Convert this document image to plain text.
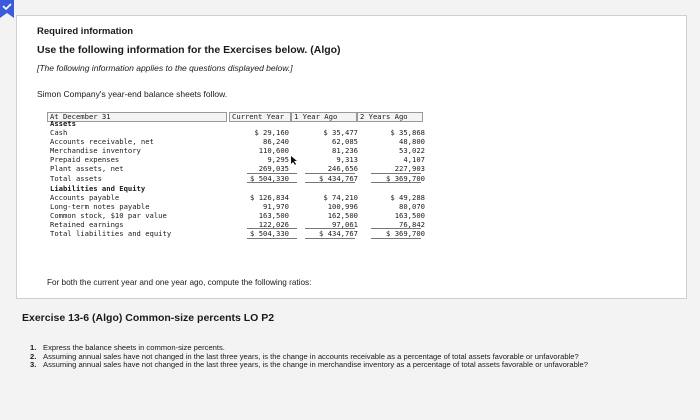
Required information
Use the following information for the Exercises below. (Algo)
[The following information applies to the questions displayed below.]
Simon Company's year-end balance sheets follow.
At December 31	Current Year	1 Year Ago	2 Years Ago
Assets
Cash	$ 29,160	$ 35,477	$ 35,868
Accounts receivable, net	86,240	62,085	48,800
Merchandise inventory	110,600	81,236	53,022
Prepaid expenses	9,295	9,313	4,107
Plant assets, net	269,035	246,656	227,903
Total assets	$ 504,330	$ 434,767	$ 369,700
Liabilities and Equity
Accounts payable	$ 126,834	$ 74,210	$ 49,288
Long-term notes payable	91,970	100,996	80,070
Common stock, $10 par value	163,500	162,500	163,500
Retained earnings	122,026	97,061	76,842
Total liabilities and equity	$ 504,330	$ 434,767	$ 369,700
For both the current year and one year ago, compute the following ratios:
Exercise 13-6 (Algo) Common-size percents LO P2
1. Express the balance sheets in common-size percents.
2. Assuming annual sales have not changed in the last three years, is the change in accounts receivable as a percentage of total assets favorable or unfavorable?
3. Assuming annual sales have not changed in the last three years, is the change in merchandise inventory as a percentage of total assets favorable or unfavorable?
